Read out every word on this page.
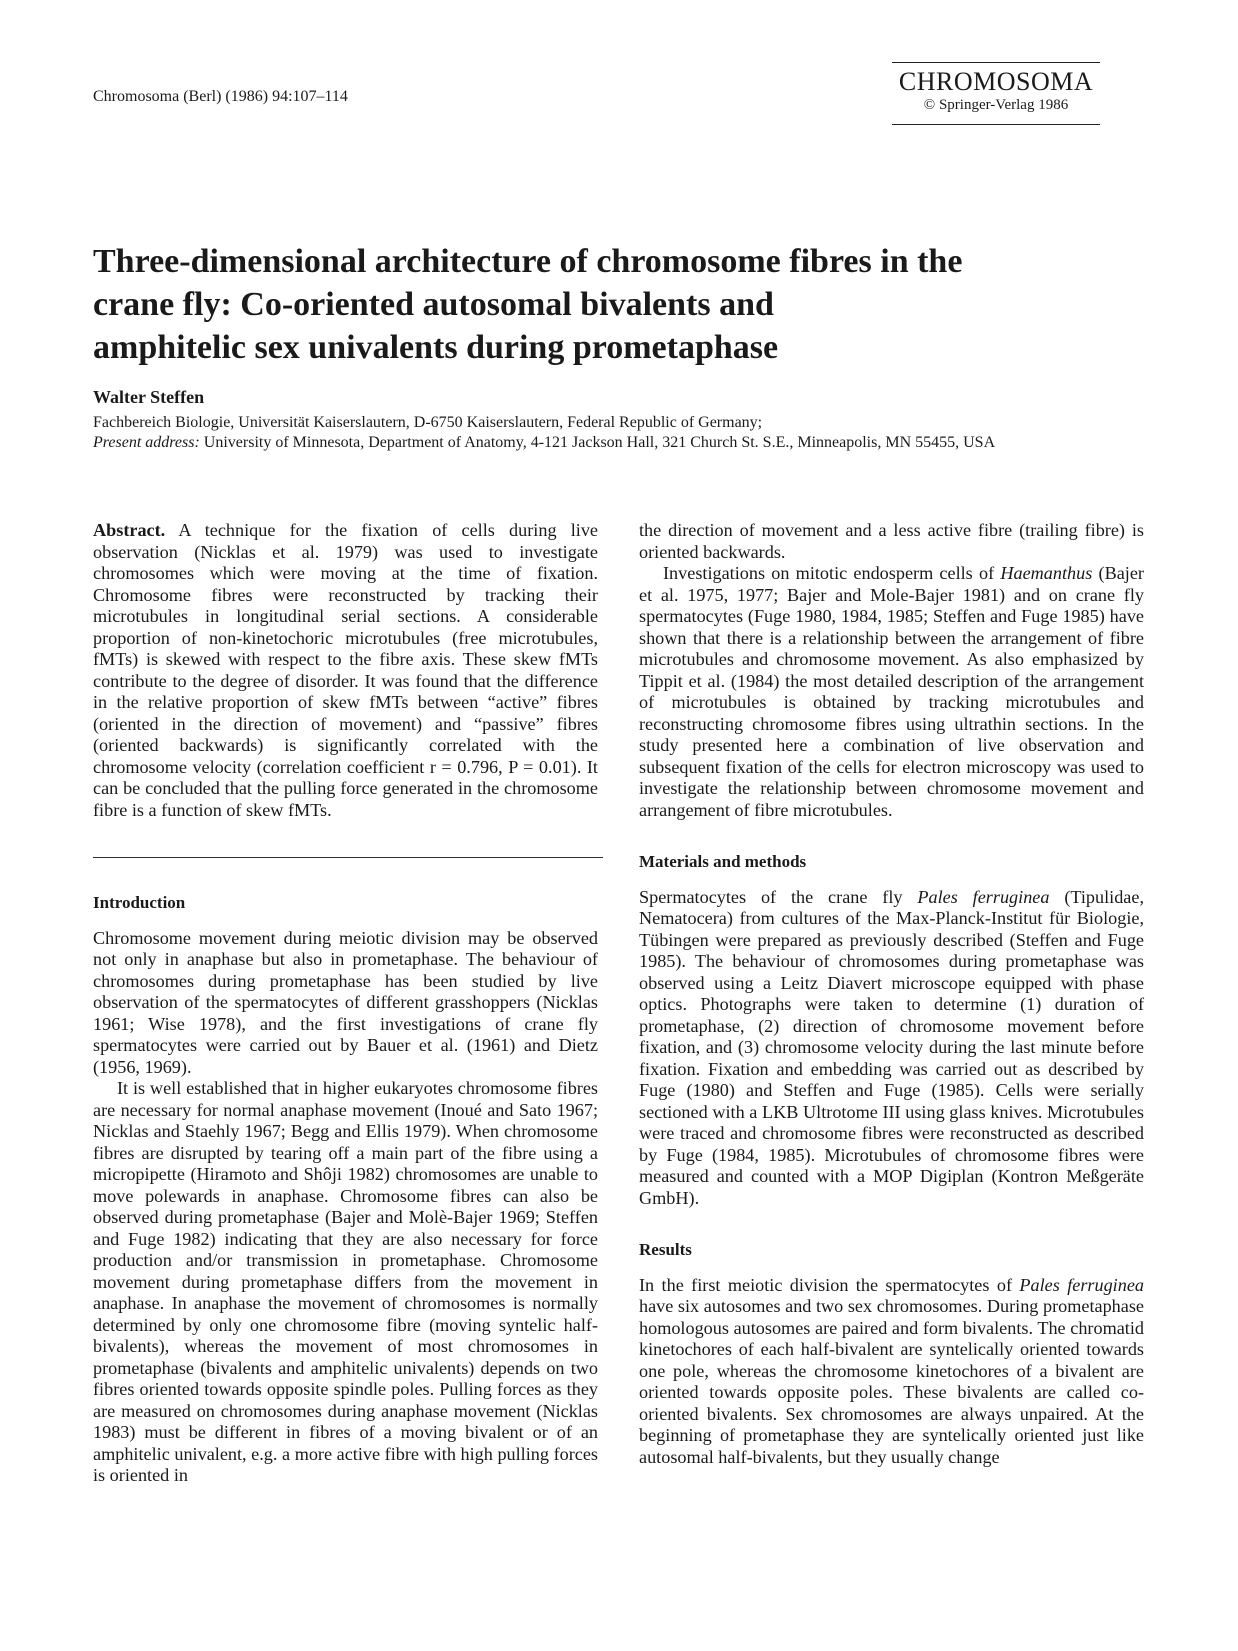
Chromosoma (Berl) (1986) 94:107–114
CHROMOSOMA
© Springer-Verlag 1986
Three-dimensional architecture of chromosome fibres in the
crane fly: Co-oriented autosomal bivalents and
amphitelic sex univalents during prometaphase
Walter Steffen
Fachbereich Biologie, Universität Kaiserslautern, D-6750 Kaiserslautern, Federal Republic of Germany;
Present address: University of Minnesota, Department of Anatomy, 4-121 Jackson Hall, 321 Church St. S.E., Minneapolis, MN 55455, USA

Abstract. A technique for the fixation of cells during live observation (Nicklas et al. 1979) was used to investigate chromosomes which were moving at the time of fixation. Chromosome fibres were reconstructed by tracking their microtubules in longitudinal serial sections. A considerable proportion of non-kinetochoric microtubules (free microtubules, fMTs) is skewed with respect to the fibre axis. These skew fMTs contribute to the degree of disorder. It was found that the difference in the relative proportion of skew fMTs between “active” fibres (oriented in the direction of movement) and “passive” fibres (oriented backwards) is significantly correlated with the chromosome velocity (correlation coefficient r = 0.796, P = 0.01). It can be concluded that the pulling force generated in the chromosome fibre is a function of skew fMTs.

Introduction

Chromosome movement during meiotic division may be observed not only in anaphase but also in prometaphase. The behaviour of chromosomes during prometaphase has been studied by live observation of the spermatocytes of different grasshoppers (Nicklas 1961; Wise 1978), and the first investigations of crane fly spermatocytes were carried out by Bauer et al. (1961) and Dietz (1956, 1969).

It is well established that in higher eukaryotes chromosome fibres are necessary for normal anaphase movement (Inoué and Sato 1967; Nicklas and Staehly 1967; Begg and Ellis 1979). When chromosome fibres are disrupted by tearing off a main part of the fibre using a micropipette (Hiramoto and Shôji 1982) chromosomes are unable to move polewards in anaphase. Chromosome fibres can also be observed during prometaphase (Bajer and Molè-Bajer 1969; Steffen and Fuge 1982) indicating that they are also necessary for force production and/or transmission in prometaphase. Chromosome movement during prometaphase differs from the movement in anaphase. In anaphase the movement of chromosomes is normally determined by only one chromosome fibre (moving syntelic half-bivalents), whereas the movement of most chromosomes in prometaphase (bivalents and amphitelic univalents) depends on two fibres oriented towards opposite spindle poles. Pulling forces as they are measured on chromosomes during anaphase movement (Nicklas 1983) must be different in fibres of a moving bivalent or of an amphitelic univalent, e.g. a more active fibre with high pulling forces is oriented in

the direction of movement and a less active fibre (trailing fibre) is oriented backwards.

Investigations on mitotic endosperm cells of Haemanthus (Bajer et al. 1975, 1977; Bajer and Mole-Bajer 1981) and on crane fly spermatocytes (Fuge 1980, 1984, 1985; Steffen and Fuge 1985) have shown that there is a relationship between the arrangement of fibre microtubules and chromosome movement. As also emphasized by Tippit et al. (1984) the most detailed description of the arrangement of microtubules is obtained by tracking microtubules and reconstructing chromosome fibres using ultrathin sections. In the study presented here a combination of live observation and subsequent fixation of the cells for electron microscopy was used to investigate the relationship between chromosome movement and arrangement of fibre microtubules.

Materials and methods

Spermatocytes of the crane fly Pales ferruginea (Tipulidae, Nematocera) from cultures of the Max-Planck-Institut für Biologie, Tübingen were prepared as previously described (Steffen and Fuge 1985). The behaviour of chromosomes during prometaphase was observed using a Leitz Diavert microscope equipped with phase optics. Photographs were taken to determine (1) duration of prometaphase, (2) direction of chromosome movement before fixation, and (3) chromosome velocity during the last minute before fixation. Fixation and embedding was carried out as described by Fuge (1980) and Steffen and Fuge (1985). Cells were serially sectioned with a LKB Ultrotome III using glass knives. Microtubules were traced and chromosome fibres were reconstructed as described by Fuge (1984, 1985). Microtubules of chromosome fibres were measured and counted with a MOP Digiplan (Kontron Meßgeräte GmbH).

Results

In the first meiotic division the spermatocytes of Pales ferruginea have six autosomes and two sex chromosomes. During prometaphase homologous autosomes are paired and form bivalents. The chromatid kinetochores of each half-bivalent are syntelically oriented towards one pole, whereas the chromosome kinetochores of a bivalent are oriented towards opposite poles. These bivalents are called co-oriented bivalents. Sex chromosomes are always unpaired. At the beginning of prometaphase they are syntelically oriented just like autosomal half-bivalents, but they usually change
